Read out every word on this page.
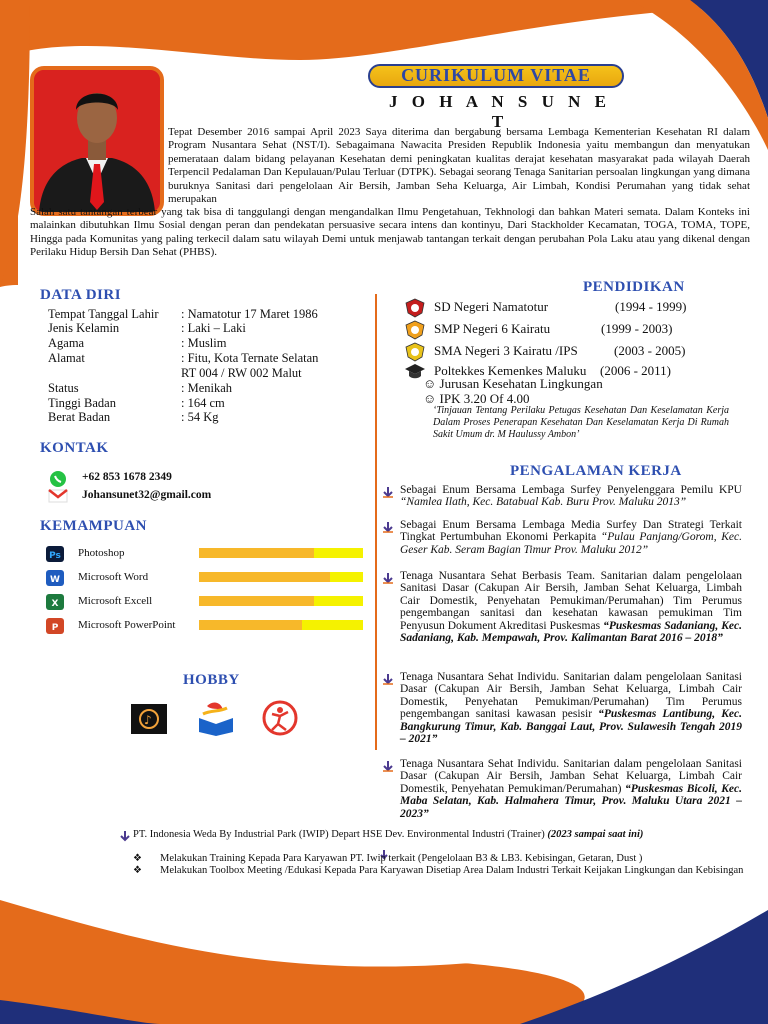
CURIKULUM VITAE
J O H A N S U N E T
Tepat Desember 2016 sampai April 2023 Saya diterima dan bergabung bersama Lembaga Kementerian Kesehatan RI dalam Program Nusantara Sehat (NST/I). Sebagaimana Nawacita Presiden Republik Indonesia yaitu membangun dan menyatukan pemerataan dalam bidang pelayanan Kesehatan demi peningkatan kualitas derajat kesehatan masyarakat pada wilayah Daerah Terpencil Pedalaman Dan Kepulauan/Pulau Terluar (DTPK). Sebagai seorang Tenaga Sanitarian persoalan lingkungan yang dimana buruknya Sanitasi dari pengelolaan Air Bersih, Jamban Seha Keluarga, Air Limbah, Kondisi Perumahan yang tidak sehat merupakan
Salah satu tantangan terbear yang tak bisa di tanggulangi dengan mengandalkan Ilmu Pengetahuan, Tekhnologi dan bahkan Materi semata. Dalam Konteks ini malainkan dibutuhkan Ilmu Sosial dengan peran dan pendekatan persuasive secara intens dan kontinyu, Dari Stackholder Kecamatan, TOGA, TOMA, TOPE, Hingga pada Komunitas yang paling terkecil dalam satu wilayah Demi untuk menjawab tantangan terkait dengan perubahan Pola Laku atau yang dikenal dengan Perilaku Hidup Bersih Dan Sehat (PHBS).
DATA DIRI
Tempat Tanggal Lahir	: Namatotur 17 Maret 1986
Jenis Kelamin	: Laki – Laki
Agama	: Muslim
Alamat	: Fitu, Kota Ternate Selatan
RT 004 / RW 002 Malut
Status	: Menikah
Tinggi Badan	: 164 cm
Berat Badan	: 54 Kg
KONTAK
+62 853 1678 2349
Johansunet32@gmail.com
KEMAMPUAN
Ps Photoshop
W Microsoft Word
X Microsoft Excell
P Microsoft PowerPoint
HOBBY
♪
PENDIDIKAN
SD Negeri Namatotur	(1994 - 1999)
SMP Negeri 6 Kairatu	(1999 - 2003)
SMA Negeri 3 Kairatu /IPS	(2003 - 2005)
Poltekkes Kemenkes Maluku (2006 - 2011)
☺ Jurusan Kesehatan Lingkungan
☺ IPK 3.20 Of 4.00
‘Tinjauan Tentang Perilaku Petugas Kesehatan Dan Keselamatan Kerja Dalam Proses Penerapan Kesehatan Dan Keselamatan Kerja Di Rumah Sakit Umum dr. M Haulussy Ambon’
PENGALAMAN KERJA
Sebagai Enum Bersama Lembaga Surfey Penyelenggara Pemilu KPU “Namlea Ilath, Kec. Batabual Kab. Buru Prov. Maluku 2013”
Sebagai Enum Bersama Lembaga Media Surfey Dan Strategi Terkait Tingkat Pertumbuhan Ekonomi Perkapita “Pulau Panjang/Gorom, Kec. Geser Kab. Seram Bagian Timur Prov. Maluku 2012”
Tenaga Nusantara Sehat Berbasis Team. Sanitarian dalam pengelolaan Sanitasi Dasar (Cakupan Air Bersih, Jamban Sehat Keluarga, Limbah Cair Domestik, Penyehatan Pemukiman/Perumahan) Tim Perumus pengembangan sanitasi dan kesehatan kawasan pemukiman Tim Penyusun Dokument Akreditasi Puskesmas “Puskesmas Sadaniang, Kec. Sadaniang, Kab. Mempawah, Prov. Kalimantan Barat 2016 – 2018”
Tenaga Nusantara Sehat Individu. Sanitarian dalam pengelolaan Sanitasi Dasar (Cakupan Air Bersih, Jamban Sehat Keluarga, Limbah Cair Domestik, Penyehatan Pemukiman/Perumahan) Tim Perumus pengembangan sanitasi kawasan pesisir “Puskesmas Lantibung, Kec. Bangkurung Timur, Kab. Banggai Laut, Prov. Sulawesih Tengah 2019 – 2021”
Tenaga Nusantara Sehat Individu. Sanitarian dalam pengelolaan Sanitasi Dasar (Cakupan Air Bersih, Jamban Sehat Keluarga, Limbah Cair Domestik, Penyehatan Pemukiman/Perumahan) “Puskesmas Bicoli, Kec. Maba Selatan, Kab. Halmahera Timur, Prov. Maluku Utara 2021 – 2023”
PT. Indonesia Weda By Industrial Park (IWIP) Depart HSE Dev. Environmental Industri (Trainer) (2023 sampai saat ini)
❖ Melakukan Training Kepada Para Karyawan PT. Iwip terkait (Pengelolaan B3 & LB3. Kebisingan, Getaran, Dust )
❖ Melakukan Toolbox Meeting /Edukasi Kepada Para Karyawan Disetiap Area Dalam Industri Terkait Keijakan Lingkungan dan Kebisingan
